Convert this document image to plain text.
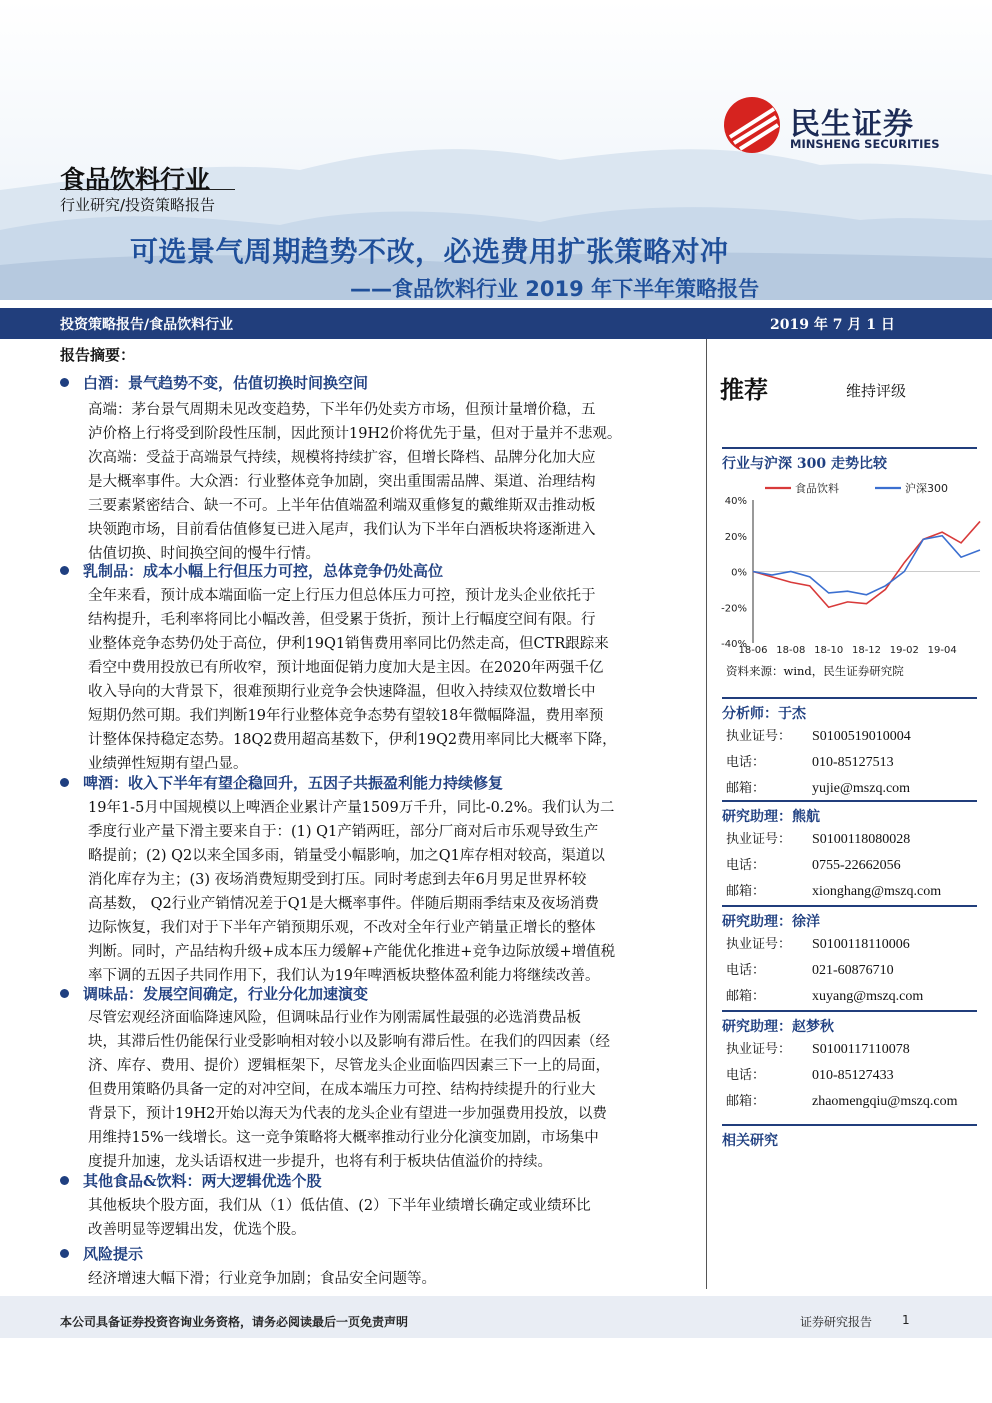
民生证券
MINSHENG SECURITIES
食品饮料行业
行业研究/投资策略报告
可选景气周期趋势不改，必选费用扩张策略对冲
——食品饮料行业 2019 年下半年策略报告
投资策略报告/食品饮料行业	2019 年 7 月 1 日
报告摘要：
白酒：景气趋势不变，估值切换时间换空间
高端：茅台景气周期未见改变趋势，下半年仍处卖方市场，但预计量增价稳，五
泸价格上行将受到阶段性压制，因此预计19H2价将优先于量，但对于量并不悲观。
次高端：受益于高端景气持续，规模将持续扩容，但增长降档、品牌分化加大应
是大概率事件。大众酒：行业整体竞争加剧，突出重围需品牌、渠道、治理结构
三要素紧密结合、缺一不可。上半年估值端盈利端双重修复的戴维斯双击推动板
块领跑市场，目前看估值修复已进入尾声，我们认为下半年白酒板块将逐渐进入
估值切换、时间换空间的慢牛行情。
乳制品：成本小幅上行但压力可控，总体竞争仍处高位
全年来看，预计成本端面临一定上行压力但总体压力可控，预计龙头企业依托于
结构提升，毛利率将同比小幅改善，但受累于货折，预计上行幅度空间有限。行
业整体竞争态势仍处于高位，伊利19Q1销售费用率同比仍然走高，但CTR跟踪来
看空中费用投放已有所收窄，预计地面促销力度加大是主因。在2020年两强千亿
收入导向的大背景下，很难预期行业竞争会快速降温，但收入持续双位数增长中
短期仍然可期。我们判断19年行业整体竞争态势有望较18年微幅降温，费用率预
计整体保持稳定态势。18Q2费用超高基数下，伊利19Q2费用率同比大概率下降，
业绩弹性短期有望凸显。
啤酒：收入下半年有望企稳回升，五因子共振盈利能力持续修复
19年1-5月中国规模以上啤酒企业累计产量1509万千升，同比-0.2%。我们认为二
季度行业产量下滑主要来自于：(1) Q1产销两旺，部分厂商对后市乐观导致生产
略提前；(2) Q2以来全国多雨，销量受小幅影响，加之Q1库存相对较高，渠道以
消化库存为主；(3) 夜场消费短期受到打压。同时考虑到去年6月男足世界杯较
高基数， Q2行业产销情况差于Q1是大概率事件。伴随后期雨季结束及夜场消费
边际恢复，我们对于下半年产销预期乐观，不改对全年行业产销量正增长的整体
判断。同时，产品结构升级+成本压力缓解+产能优化推进+竞争边际放缓+增值税
率下调的五因子共同作用下，我们认为19年啤酒板块整体盈利能力将继续改善。
调味品：发展空间确定，行业分化加速演变
尽管宏观经济面临降速风险，但调味品行业作为刚需属性最强的必选消费品板
块，其滞后性仍能保行业受影响相对较小以及影响有滞后性。在我们的四因素（经
济、库存、费用、提价）逻辑框架下，尽管龙头企业面临四因素三下一上的局面，
但费用策略仍具备一定的对冲空间，在成本端压力可控、结构持续提升的行业大
背景下，预计19H2开始以海天为代表的龙头企业有望进一步加强费用投放，以费
用维持15%一线增长。这一竞争策略将大概率推动行业分化演变加剧，市场集中
度提升加速，龙头话语权进一步提升，也将有利于板块估值溢价的持续。
其他食品&饮料：两大逻辑优选个股
其他板块个股方面，我们从（1）低估值、(2）下半年业绩增长确定或业绩环比
改善明显等逻辑出发，优选个股。
风险提示
经济增速大幅下滑；行业竞争加剧；食品安全问题等。
推荐	维持评级
行业与沪深 300 走势比较
40%
20%
0%
-20%
-40%
18-06 18-08 18-10 18-12 19-02 19-04
食品饮料	沪深300
资料来源：wind，民生证券研究院
分析师：于杰
执业证号： S0100519010004
电话：	010-85127513
邮箱：	yujie@mszq.com
研究助理：熊航
执业证号： S0100118080028
电话：	0755-22662056
邮箱：	xionghang@mszq.com
研究助理：徐洋
执业证号： S0100118110006
电话：	021-60876710
邮箱：	xuyang@mszq.com
研究助理：赵梦秋
执业证号： S0100117110078
电话：	010-85127433
邮箱：	zhaomengqiu@mszq.com
相关研究
本公司具备证券投资咨询业务资格，请务必阅读最后一页免责声明	证券研究报告 1
